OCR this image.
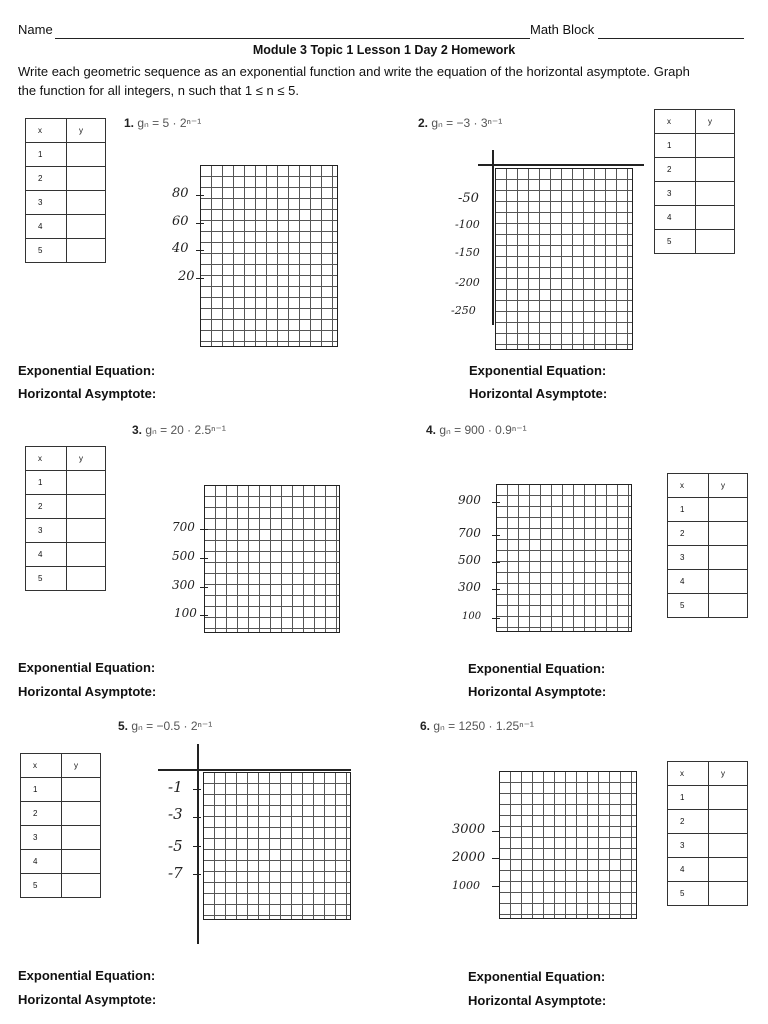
Name	Math Block
Module 3 Topic 1 Lesson 1 Day 2 Homework
Write each geometric sequence as an exponential function and write the equation of the horizontal asymptote. Graph
the function for all integers, n such that 1 ≤ n ≤ 5.
x	y
1	
2	
3	
4	
5	
1. gₙ = 5 · 2ⁿ⁻¹
80
60
40
20
Exponential Equation:
Horizontal Asymptote:
2. gₙ = −3 · 3ⁿ⁻¹	x	y
1	
2	
3	
4	
5	
-50
-100
-150
-200
-250
Exponential Equation:
Horizontal Asymptote:
3. gₙ = 20 · 2.5ⁿ⁻¹
x	y
1	
2	
3	
4	
5	
700
500
300
100
Exponential Equation:
Horizontal Asymptote:
4. gₙ = 900 · 0.9ⁿ⁻¹
x	y
1	
2	
3	
4	
5	
900
700
500
300
100
Exponential Equation:
Horizontal Asymptote:
5. gₙ = −0.5 · 2ⁿ⁻¹
x	y
1	
2	
3	
4	
5	
-1
-3
-5
-7
Exponential Equation:
Horizontal Asymptote:
6. gₙ = 1250 · 1.25ⁿ⁻¹
x	y
1	
2	
3	
4	
5	
3000
2000
1000
Exponential Equation:
Horizontal Asymptote:
